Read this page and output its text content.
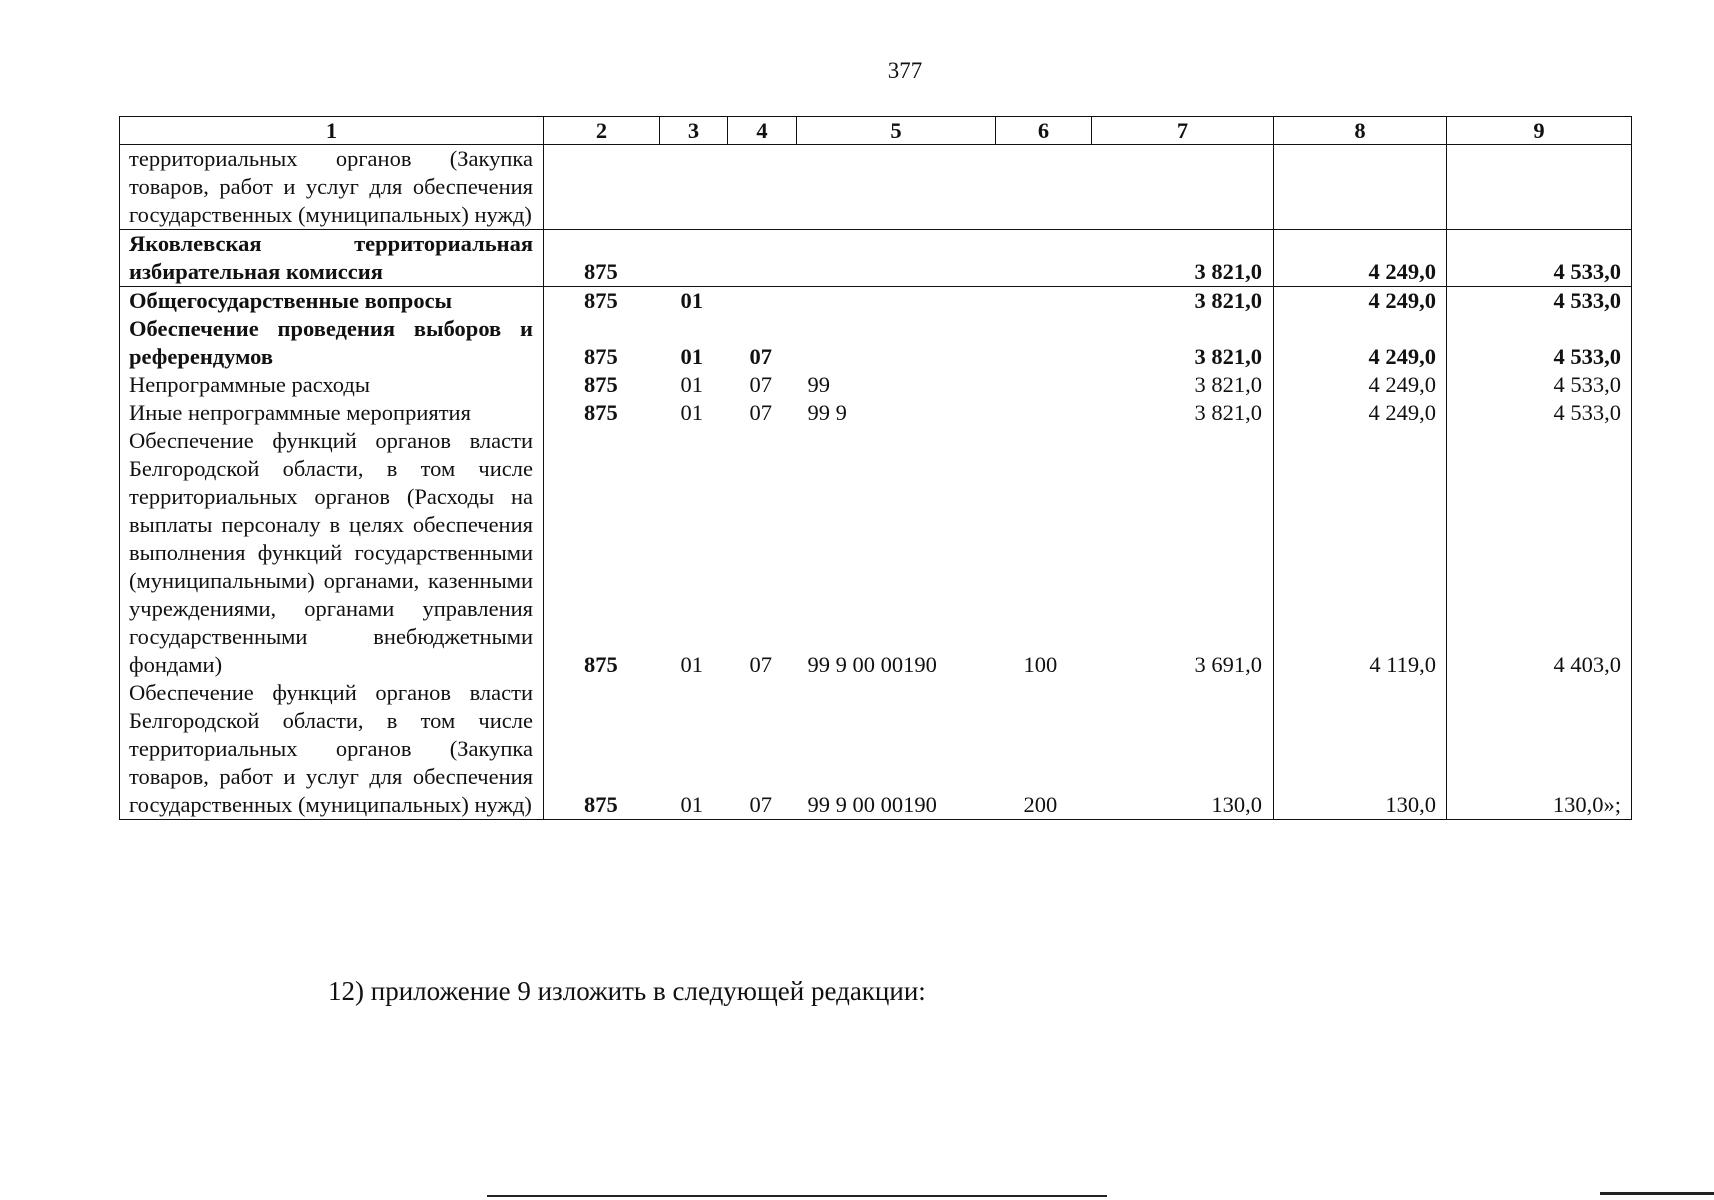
377
1	2	3	4	5	6	7	8	9
территориальных органов (Закупка товаров, работ и услуг для обеспечения государственных (муниципальных) нужд)								
Яковлевская территориальная избирательная комиссия	875					3 821,0	4 249,0	4 533,0
Общегосударственные вопросы	875	01				3 821,0	4 249,0	4 533,0
Обеспечение проведения выборов и референдумов	875	01	07			3 821,0	4 249,0	4 533,0
Непрограммные расходы	875	01	07	99		3 821,0	4 249,0	4 533,0
Иные непрограммные мероприятия	875	01	07	99 9		3 821,0	4 249,0	4 533,0
Обеспечение функций органов власти Белгородской области, в том числе территориальных органов (Расходы на выплаты персоналу в целях обеспечения выполнения функций государственными (муниципальными) органами, казенными учреждениями, органами управления государственными внебюджетными фондами)	875	01	07	99 9 00 00190	100	3 691,0	4 119,0	4 403,0
Обеспечение функций органов власти Белгородской области, в том числе территориальных органов (Закупка товаров, работ и услуг для обеспечения государственных (муниципальных) нужд)	875	01	07	99 9 00 00190	200	130,0	130,0	130,0»;
12) приложение 9 изложить в следующей редакции:
